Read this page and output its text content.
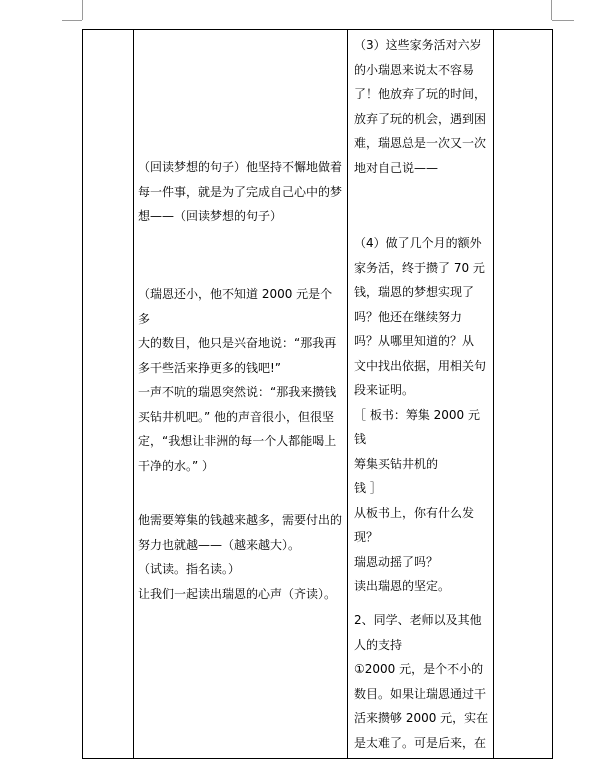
（回读梦想的句子）他坚持不懈地做着
每一件事，就是为了完成自己心中的梦
想——（回读梦想的句子）
（瑞恩还小，他不知道 2000 元是个多
大的数目，他只是兴奋地说：“那我再
多干些活来挣更多的钱吧!”
一声不吭的瑞恩突然说：“那我来攒钱
买钻井机吧。” 他的声音很小，但很坚
定，“我想让非洲的每一个人都能喝上
干净的水。” ）
他需要筹集的钱越来越多，需要付出的
努力也就越——（越来越大）。
（试读。指名读。）
让我们一起读出瑞恩的心声（齐读）。
（3）这些家务活对六岁
的小瑞恩来说太不容易
了！他放弃了玩的时间，
放弃了玩的机会，遇到困
难，瑞恩总是一次又一次
地对自己说——
（4）做了几个月的额外
家务活，终于攒了 70 元
钱，瑞恩的梦想实现了
吗？他还在继续努力
吗？从哪里知道的？从
文中找出依据，用相关句
段来证明。
［ 板书：筹集 2000 元钱
筹集买钻井机的
钱 ］
从板书上，你有什么发
现？
瑞恩动摇了吗？
读出瑞恩的坚定。
2、同学、老师以及其他
人的支持
①2000 元，是个不小的
数目。如果让瑞恩通过干
活来攒够 2000 元，实在
是太难了。可是后来，在
